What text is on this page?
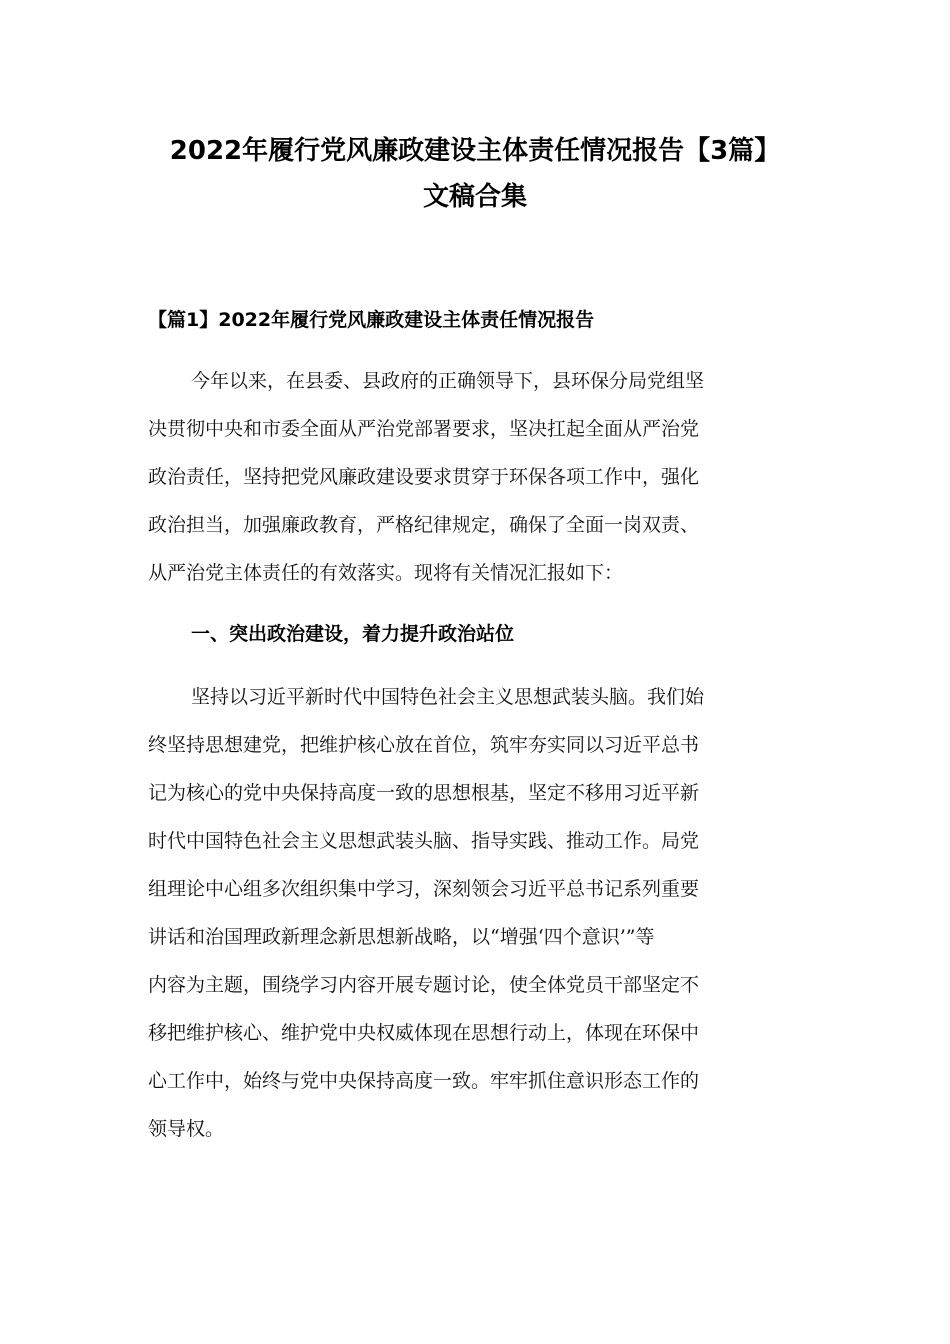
2022年履行党风廉政建设主体责任情况报告【3篇】
文稿合集
【篇1】2022年履行党风廉政建设主体责任情况报告
今年以来，在县委、县政府的正确领导下，县环保分局党组坚
决贯彻中央和市委全面从严治党部署要求，坚决扛起全面从严治党
政治责任，坚持把党风廉政建设要求贯穿于环保各项工作中，强化
政治担当，加强廉政教育，严格纪律规定，确保了全面一岗双责、
从严治党主体责任的有效落实。现将有关情况汇报如下：
一、突出政治建设，着力提升政治站位
坚持以习近平新时代中国特色社会主义思想武装头脑。我们始
终坚持思想建党，把维护核心放在首位，筑牢夯实同以习近平总书
记为核心的党中央保持高度一致的思想根基，坚定不移用习近平新
时代中国特色社会主义思想武装头脑、指导实践、推动工作。局党
组理论中心组多次组织集中学习，深刻领会习近平总书记系列重要
讲话和治国理政新理念新思想新战略，以“增强‘四个意识’”等
内容为主题，围绕学习内容开展专题讨论，使全体党员干部坚定不
移把维护核心、维护党中央权威体现在思想行动上，体现在环保中
心工作中，始终与党中央保持高度一致。牢牢抓住意识形态工作的
领导权。
